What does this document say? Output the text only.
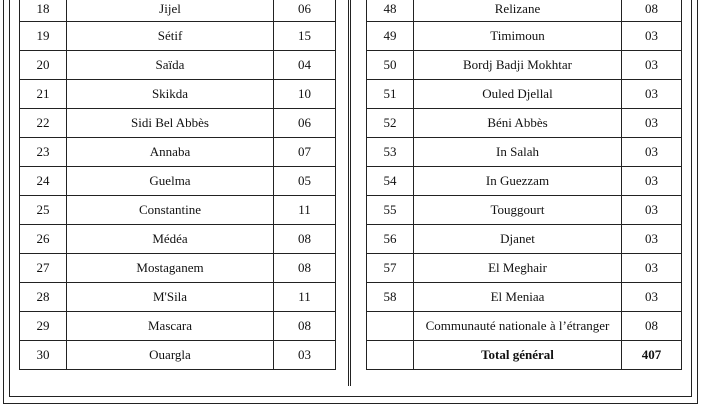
18	Jijel	06
19	Sétif	15
20	Saïda	04
21	Skikda	10
22	Sidi Bel Abbès	06
23	Annaba	07
24	Guelma	05
25	Constantine	11
26	Médéa	08
27	Mostaganem	08
28	M'Sila	11
29	Mascara	08
30	Ouargla	03
48	Relizane	08
49	Timimoun	03
50	Bordj Badji Mokhtar	03
51	Ouled Djellal	03
52	Béni Abbès	03
53	In Salah	03
54	In Guezzam	03
55	Touggourt	03
56	Djanet	03
57	El Meghair	03
58	El Meniaa	03
	Communauté nationale à l’étranger	08
	Total général	407
